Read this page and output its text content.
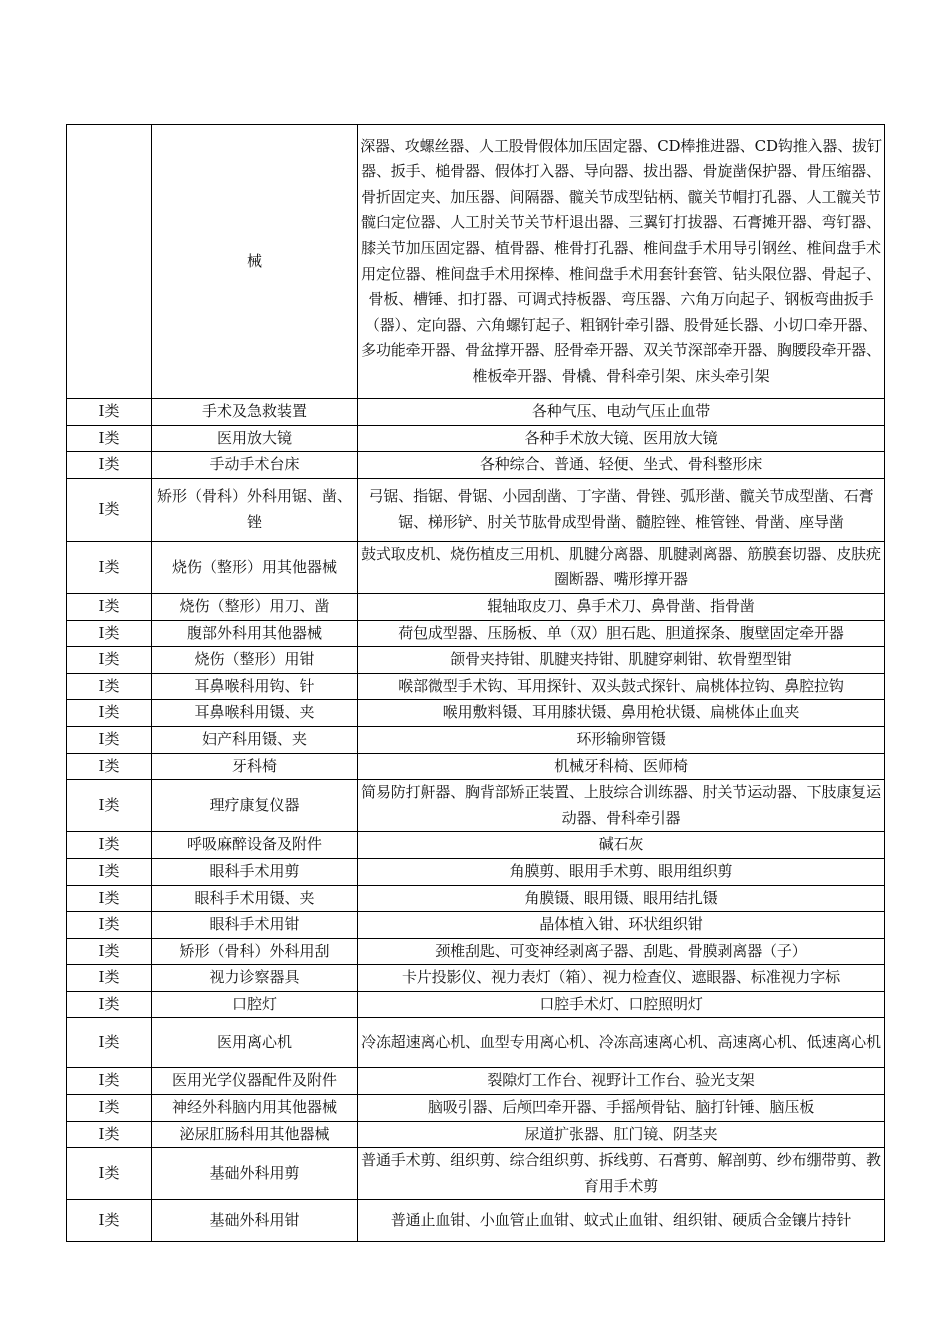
	械	深器、攻螺丝器、人工股骨假体加压固定器、CD棒推进器、CD钩推入器、拔钉器、扳手、槌骨器、假体打入器、导向器、拔出器、骨旋凿保护器、骨压缩器、骨折固定夹、加压器、间隔器、髋关节成型钻柄、髋关节帽打孔器、人工髋关节髋臼定位器、人工肘关节关节杆退出器、三翼钉打拔器、石膏摊开器、弯钉器、膝关节加压固定器、植骨器、椎骨打孔器、椎间盘手术用导引钢丝、椎间盘手术用定位器、椎间盘手术用探棒、椎间盘手术用套针套管、钻头限位器、骨起子、骨板、槽锤、扣打器、可调式持板器、弯压器、六角万向起子、钢板弯曲扳手（器）、定向器、六角螺钉起子、粗钢针牵引器、股骨延长器、小切口牵开器、多功能牵开器、骨盆撑开器、胫骨牵开器、双关节深部牵开器、胸腰段牵开器、椎板牵开器、骨橇、骨科牵引架、床头牵引架
Ⅰ类	手术及急救装置	各种气压、电动气压止血带
Ⅰ类	医用放大镜	各种手术放大镜、医用放大镜
Ⅰ类	手动手术台床	各种综合、普通、轻便、坐式、骨科整形床
Ⅰ类	矫形（骨科）外科用锯、凿、锉	弓锯、指锯、骨锯、小园刮凿、丁字凿、骨锉、弧形凿、髋关节成型凿、石膏锯、梯形铲、肘关节肱骨成型骨凿、髓腔锉、椎管锉、骨凿、座导凿
Ⅰ类	烧伤（整形）用其他器械	鼓式取皮机、烧伤植皮三用机、肌腱分离器、肌腱剥离器、筋膜套切器、皮肤疣圈断器、嘴形撑开器
Ⅰ类	烧伤（整形）用刀、凿	辊轴取皮刀、鼻手术刀、鼻骨凿、指骨凿
Ⅰ类	腹部外科用其他器械	荷包成型器、压肠板、单（双）胆石匙、胆道探条、腹壁固定牵开器
Ⅰ类	烧伤（整形）用钳	颌骨夹持钳、肌腱夹持钳、肌腱穿刺钳、软骨塑型钳
Ⅰ类	耳鼻喉科用钩、针	喉部微型手术钩、耳用探针、双头鼓式探针、扁桃体拉钩、鼻腔拉钩
Ⅰ类	耳鼻喉科用镊、夹	喉用敷料镊、耳用膝状镊、鼻用枪状镊、扁桃体止血夹
Ⅰ类	妇产科用镊、夹	环形输卵管镊
Ⅰ类	牙科椅	机械牙科椅、医师椅
Ⅰ类	理疗康复仪器	简易防打鼾器、胸背部矫正装置、上肢综合训练器、肘关节运动器、下肢康复运动器、骨科牵引器
Ⅰ类	呼吸麻醉设备及附件	碱石灰
Ⅰ类	眼科手术用剪	角膜剪、眼用手术剪、眼用组织剪
Ⅰ类	眼科手术用镊、夹	角膜镊、眼用镊、眼用结扎镊
Ⅰ类	眼科手术用钳	晶体植入钳、环状组织钳
Ⅰ类	矫形（骨科）外科用刮	颈椎刮匙、可变神经剥离子器、刮匙、骨膜剥离器（子）
Ⅰ类	视力诊察器具	卡片投影仪、视力表灯（箱）、视力检查仪、遮眼器、标准视力字标
Ⅰ类	口腔灯	口腔手术灯、口腔照明灯
Ⅰ类	医用离心机	冷冻超速离心机、血型专用离心机、冷冻高速离心机、高速离心机、低速离心机
Ⅰ类	医用光学仪器配件及附件	裂隙灯工作台、视野计工作台、验光支架
Ⅰ类	神经外科脑内用其他器械	脑吸引器、后颅凹牵开器、手摇颅骨钻、脑打针锤、脑压板
Ⅰ类	泌尿肛肠科用其他器械	尿道扩张器、肛门镜、阴茎夹
Ⅰ类	基础外科用剪	普通手术剪、组织剪、综合组织剪、拆线剪、石膏剪、解剖剪、纱布绷带剪、教育用手术剪
Ⅰ类	基础外科用钳	普通止血钳、小血管止血钳、蚊式止血钳、组织钳、硬质合金镶片持针
